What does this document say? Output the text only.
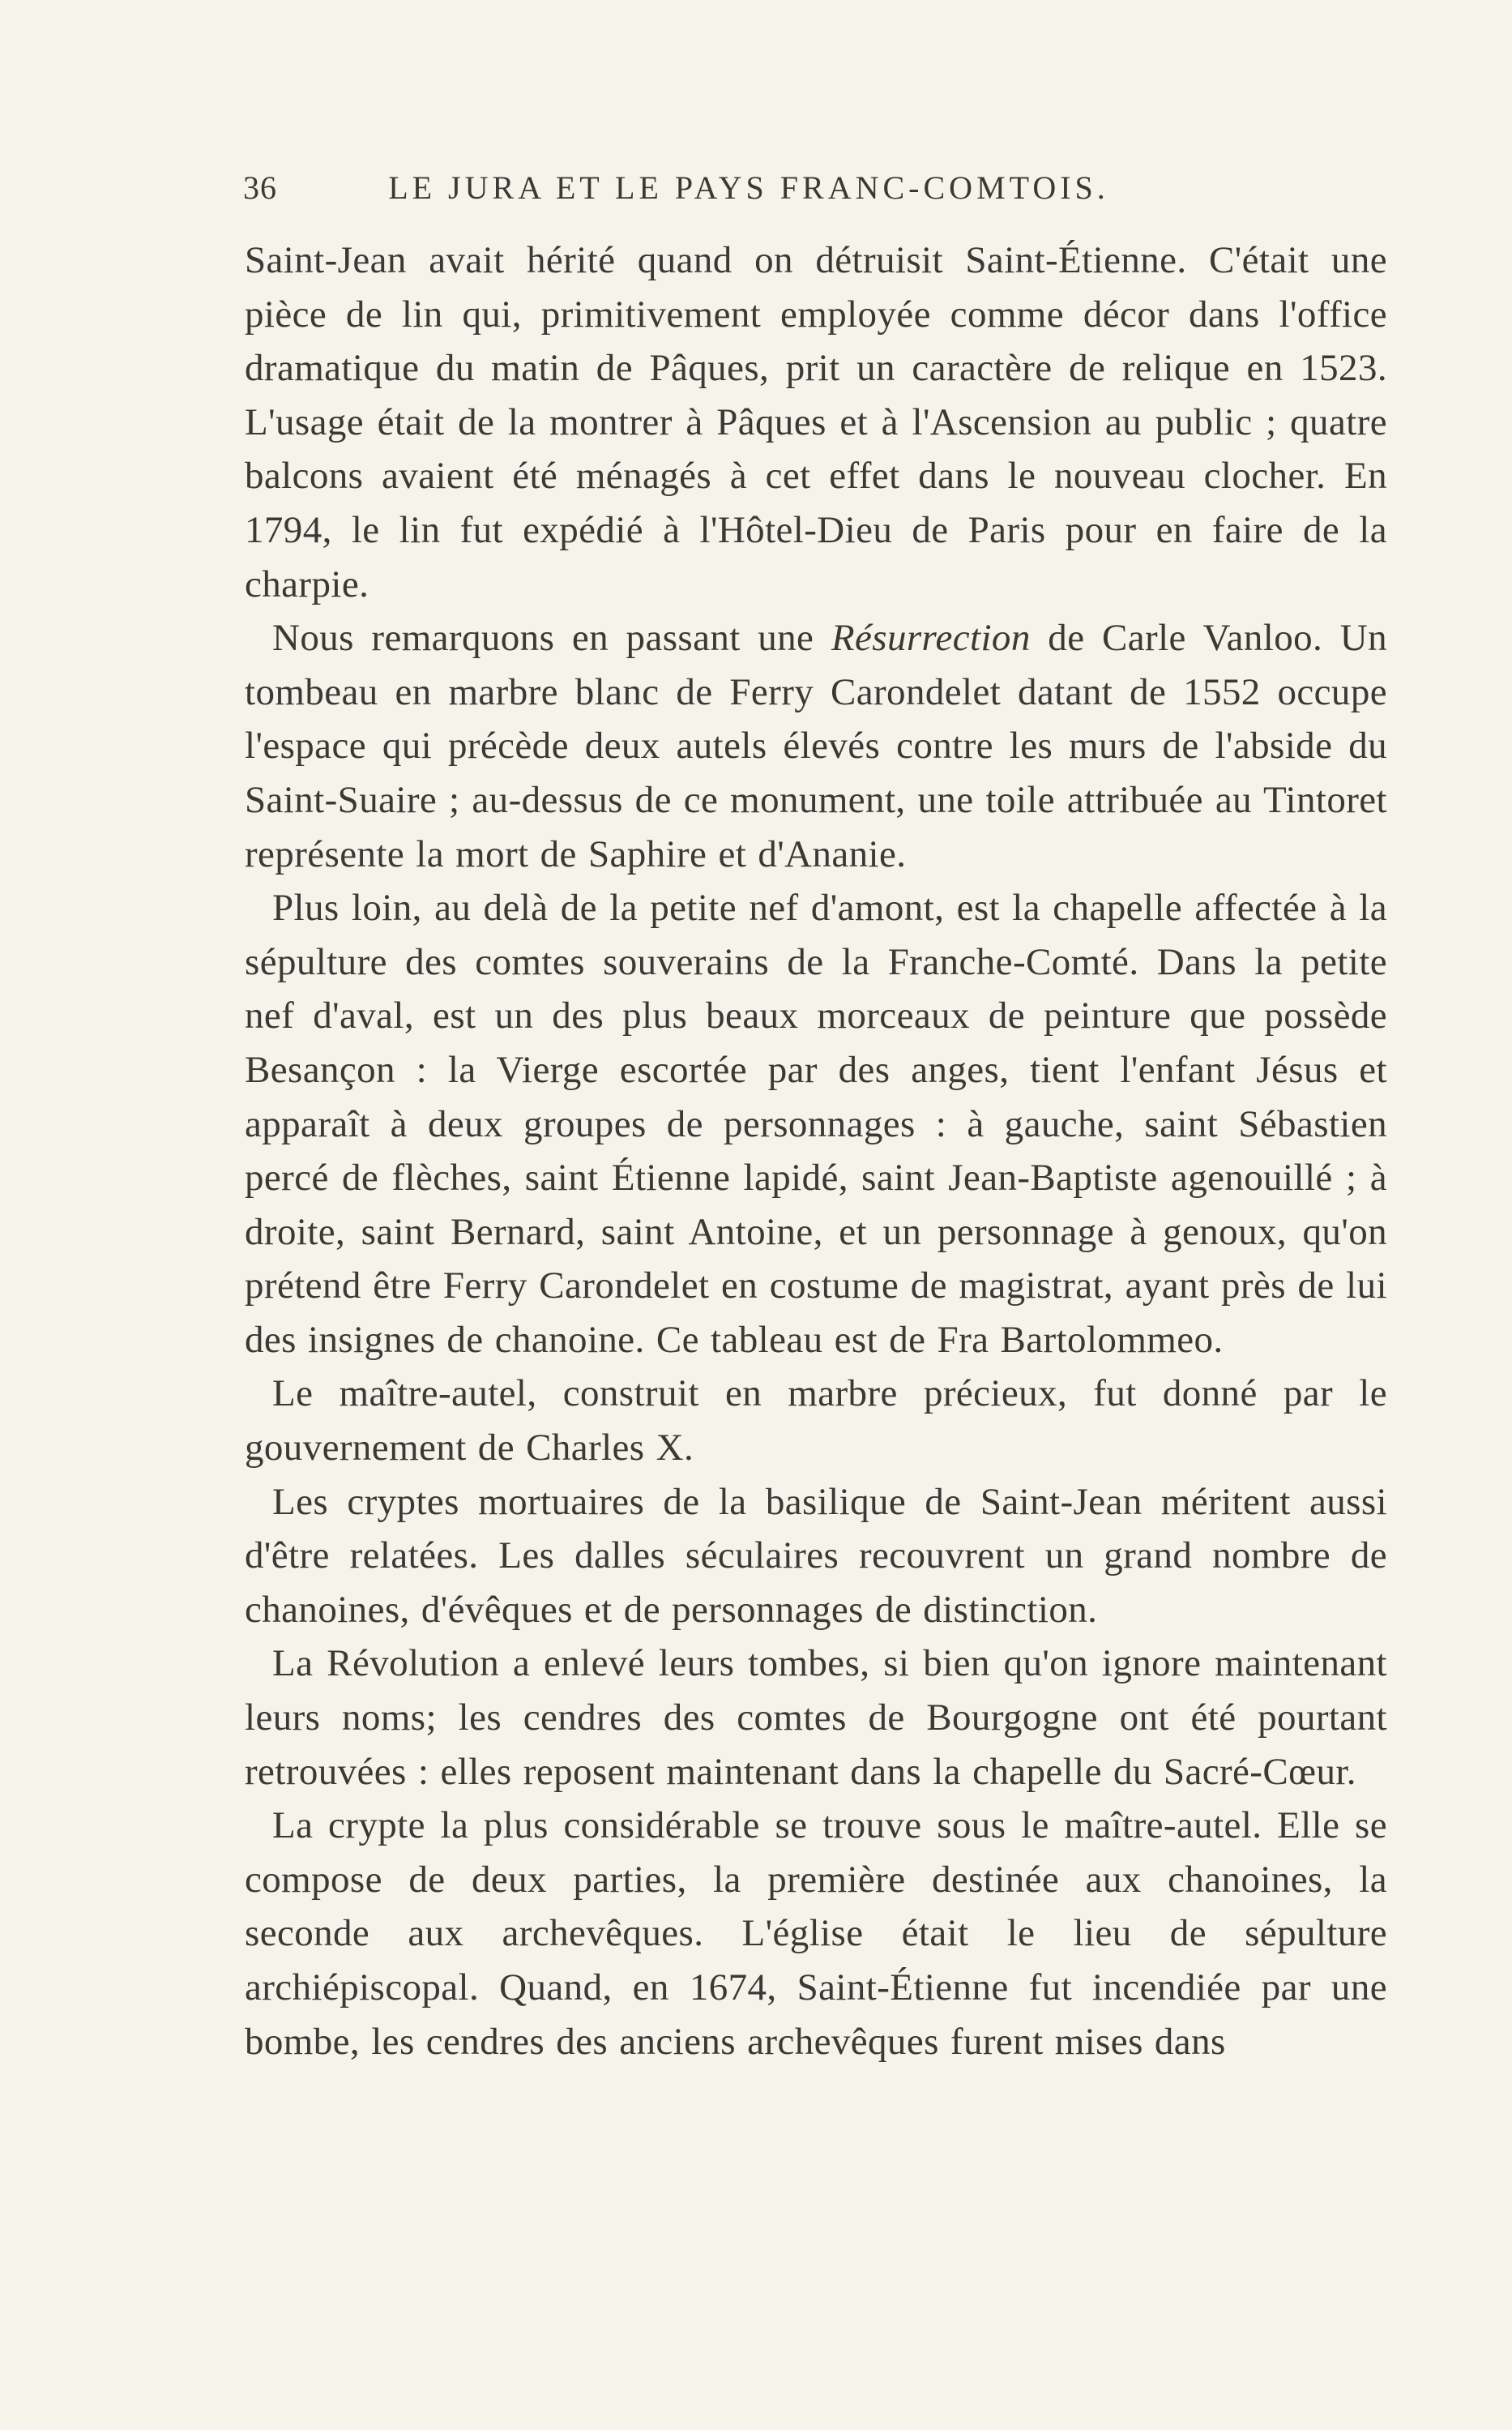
36	LE JURA ET LE PAYS FRANC-COMTOIS.

Saint-Jean avait hérité quand on détruisit Saint-Étienne. C'était une pièce de lin qui, primitivement employée comme décor dans l'office dramatique du matin de Pâques, prit un caractère de relique en 1523. L'usage était de la montrer à Pâques et à l'Ascension au public ; quatre balcons avaient été ménagés à cet effet dans le nouveau clocher. En 1794, le lin fut expédié à l'Hôtel-Dieu de Paris pour en faire de la charpie.

Nous remarquons en passant une Résurrection de Carle Vanloo. Un tombeau en marbre blanc de Ferry Carondelet datant de 1552 occupe l'espace qui précède deux autels élevés contre les murs de l'abside du Saint-Suaire ; au-dessus de ce monument, une toile attribuée au Tintoret représente la mort de Saphire et d'Ananie.

Plus loin, au delà de la petite nef d'amont, est la chapelle affectée à la sépulture des comtes souverains de la Franche-Comté. Dans la petite nef d'aval, est un des plus beaux morceaux de peinture que possède Besançon : la Vierge escortée par des anges, tient l'enfant Jésus et apparaît à deux groupes de personnages : à gauche, saint Sébastien percé de flèches, saint Étienne lapidé, saint Jean-Baptiste agenouillé ; à droite, saint Bernard, saint Antoine, et un personnage à genoux, qu'on prétend être Ferry Carondelet en costume de magistrat, ayant près de lui des insignes de chanoine. Ce tableau est de Fra Bartolommeo.

Le maître-autel, construit en marbre précieux, fut donné par le gouvernement de Charles X.

Les cryptes mortuaires de la basilique de Saint-Jean méritent aussi d'être relatées. Les dalles séculaires recouvrent un grand nombre de chanoines, d'évêques et de personnages de distinction.

La Révolution a enlevé leurs tombes, si bien qu'on ignore maintenant leurs noms; les cendres des comtes de Bourgogne ont été pourtant retrouvées : elles reposent maintenant dans la chapelle du Sacré-Cœur.

La crypte la plus considérable se trouve sous le maître-autel. Elle se compose de deux parties, la première destinée aux chanoines, la seconde aux archevêques. L'église était le lieu de sépulture archiépiscopal. Quand, en 1674, Saint-Étienne fut incendiée par une bombe, les cendres des anciens archevêques furent mises dans
